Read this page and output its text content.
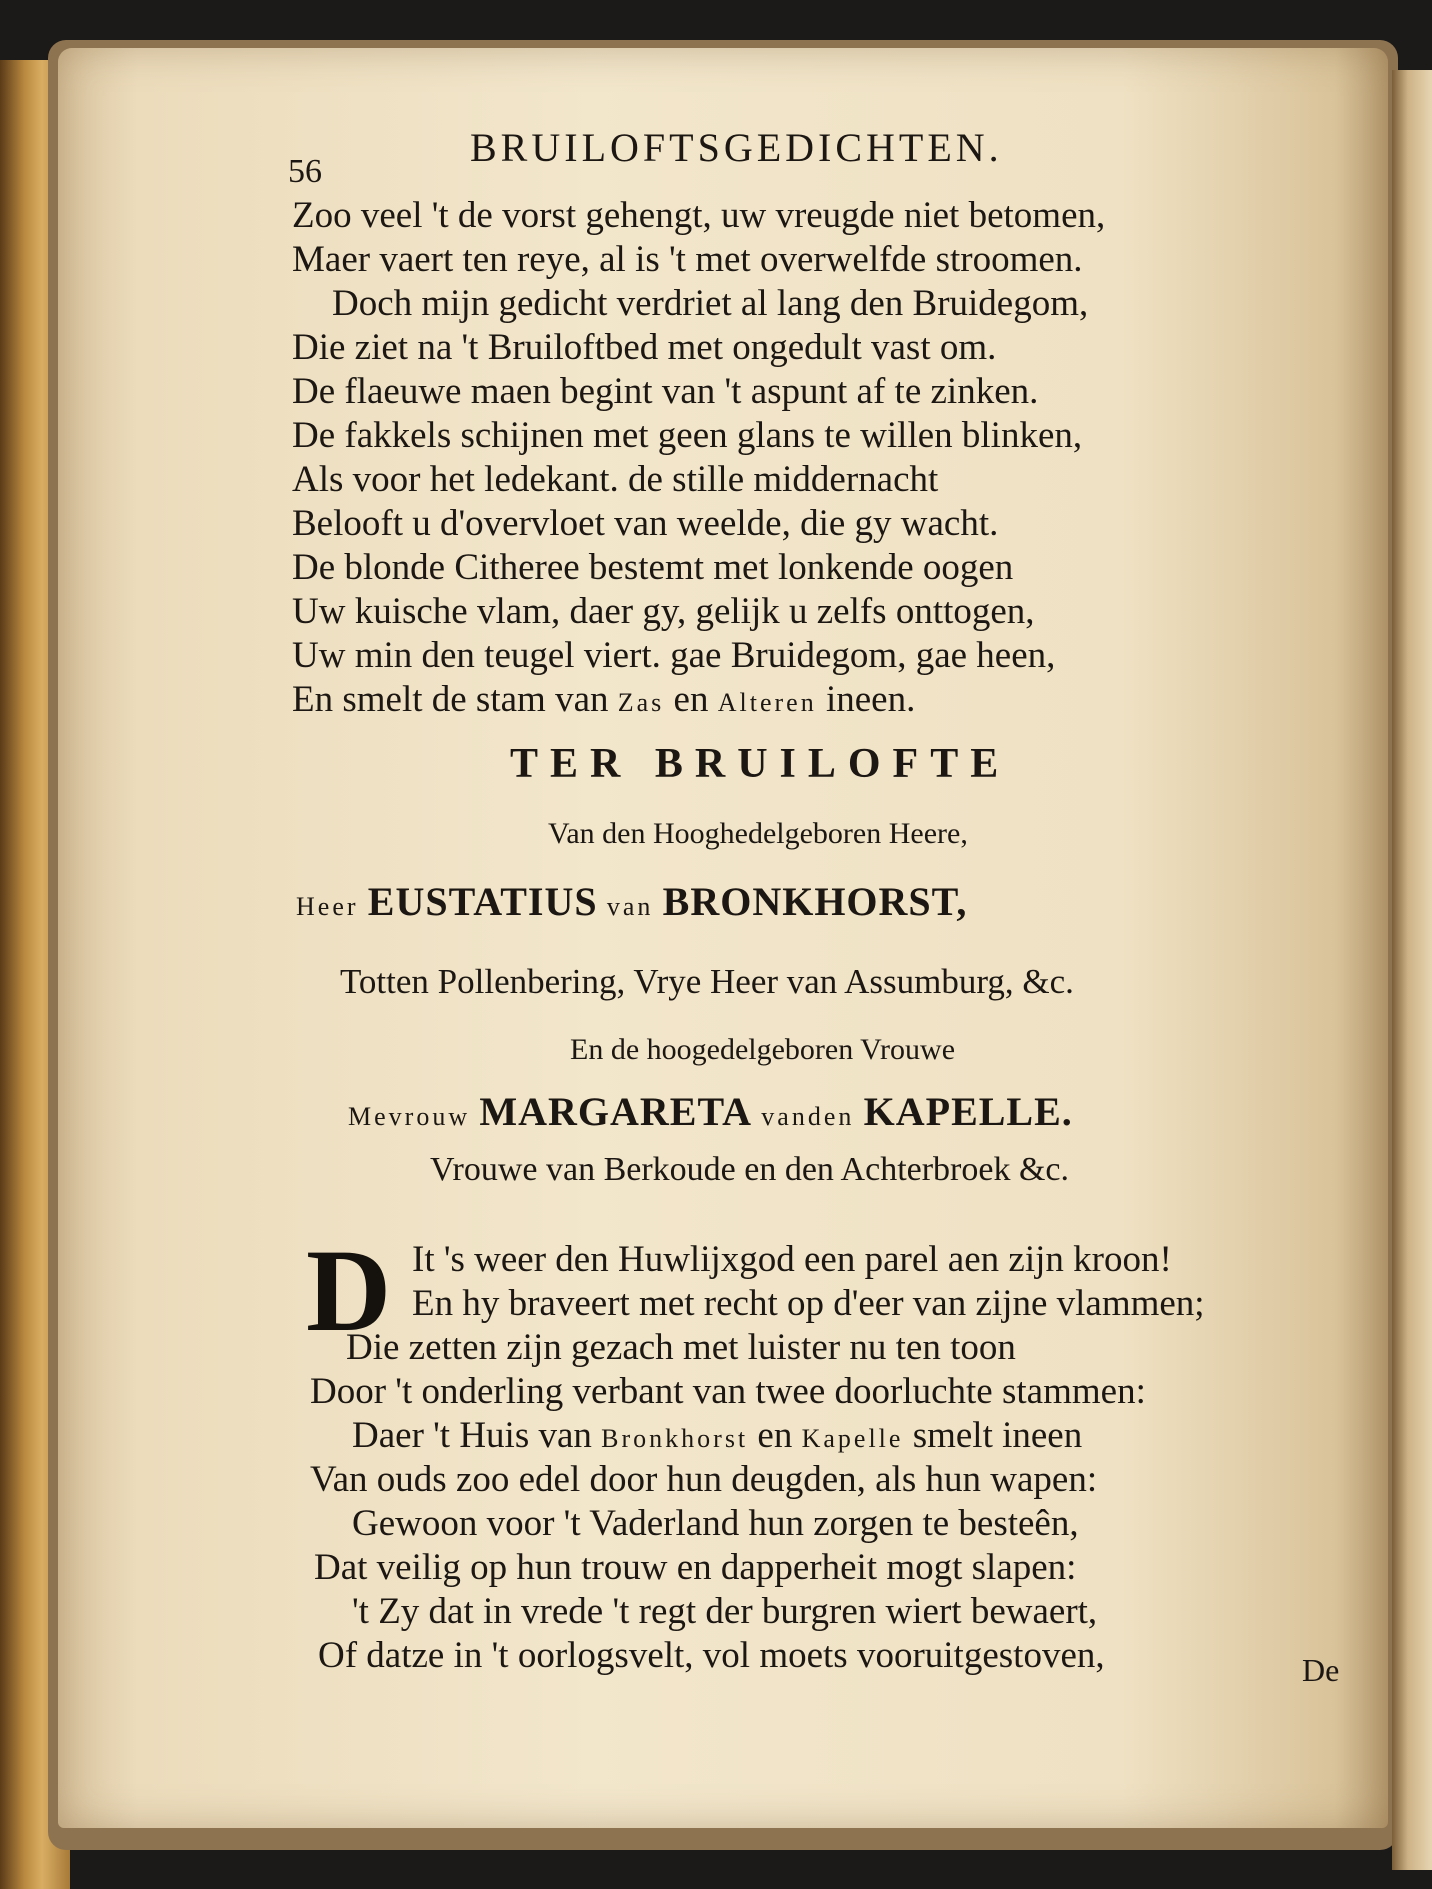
56
BRUILOFTSGEDICHTEN.
Zoo veel 't de vorst gehengt, uw vreugde niet betomen,
Maer vaert ten reye, al is 't met overwelfde stroomen.
Doch mijn gedicht verdriet al lang den Bruidegom,
Die ziet na 't Bruiloftbed met ongedult vast om.
De flaeuwe maen begint van 't aspunt af te zinken.
De fakkels schijnen met geen glans te willen blinken,
Als voor het ledekant. de stille middernacht
Belooft u d'overvloet van weelde, die gy wacht.
De blonde Citheree bestemt met lonkende oogen
Uw kuische vlam, daer gy, gelijk u zelfs onttogen,
Uw min den teugel viert. gae Bruidegom, gae heen,
En smelt de stam van Zas en Alteren ineen.
TER BRUILOFTE
Van den Hooghedelgeboren Heere,
Heer EUSTATIUS van BRONKHORST,
Totten Pollenbering, Vrye Heer van Assumburg, &c.
En de hoogedelgeboren Vrouwe
Mevrouw MARGARETA vanden KAPELLE.
Vrouwe van Berkoude en den Achterbroek &c.
D It 's weer den Huwlijxgod een parel aen zijn kroon!
En hy braveert met recht op d'eer van zijne vlammen;
Die zetten zijn gezach met luister nu ten toon
Door 't onderling verbant van twee doorluchte stammen:
Daer 't Huis van Bronkhorst en Kapelle smelt ineen
Van ouds zoo edel door hun deugden, als hun wapen:
Gewoon voor 't Vaderland hun zorgen te besteên,
Dat veilig op hun trouw en dapperheit mogt slapen:
't Zy dat in vrede 't regt der burgren wiert bewaert,
Of datze in 't oorlogsvelt, vol moets vooruitgestoven,	De
